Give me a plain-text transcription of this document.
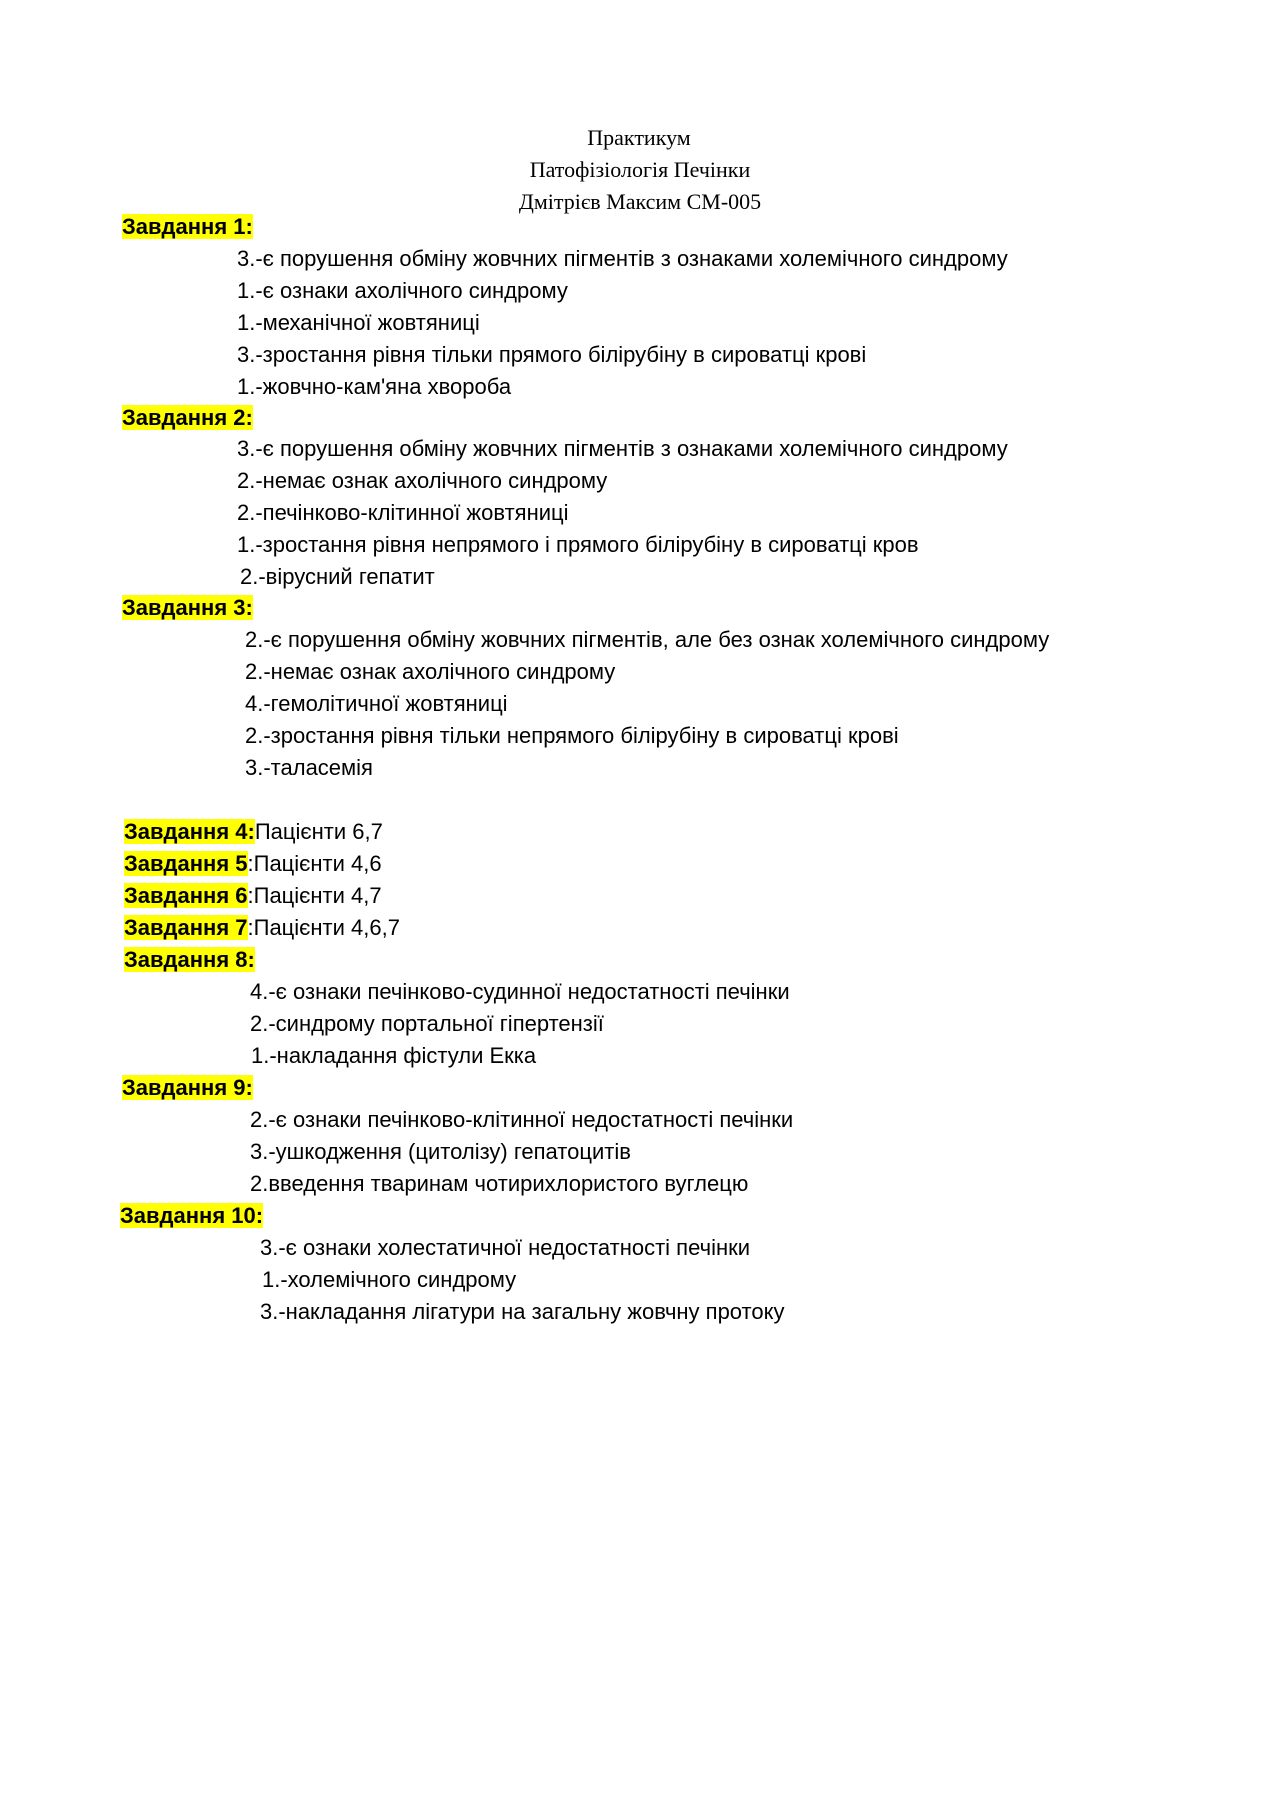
Практикум
Патофізіологія Печінки
Дмітрієв Максим СМ-005
Завдання 1:
3.-є порушення обміну жовчних пігментів з ознаками холемічного синдрому
1.-є ознаки ахолічного синдрому
1.-механічної жовтяниці
3.-зростання рівня тільки прямого білірубіну в сироватці крові
1.-жовчно-кам'яна хвороба
Завдання 2:
3.-є порушення обміну жовчних пігментів з ознаками холемічного синдрому
2.-немає ознак ахолічного синдрому
2.-печінково-клітинної жовтяниці
1.-зростання рівня непрямого і прямого білірубіну в сироватці кров
2.-вірусний гепатит
Завдання 3:
2.-є порушення обміну жовчних пігментів, але без ознак холемічного синдрому
2.-немає ознак ахолічного синдрому
4.-гемолітичної жовтяниці
2.-зростання рівня тільки непрямого білірубіну в сироватці крові
3.-таласемія
Завдання 4:Пацієнти 6,7
Завдання 5:Пацієнти 4,6
Завдання 6:Пацієнти 4,7
Завдання 7:Пацієнти 4,6,7
Завдання 8:
4.-є ознаки печінково-судинної недостатності печінки
2.-синдрому портальної гіпертензії
1.-накладання фістули Екка
Завдання 9:
2.-є ознаки печінково-клітинної недостатності печінки
3.-ушкодження (цитолізу) гепатоцитів
2.введення тваринам чотирихлористого вуглецю
Завдання 10:
3.-є ознаки холестатичної недостатності печінки
1.-холемічного синдрому
3.-накладання лігатури на загальну жовчну протоку
